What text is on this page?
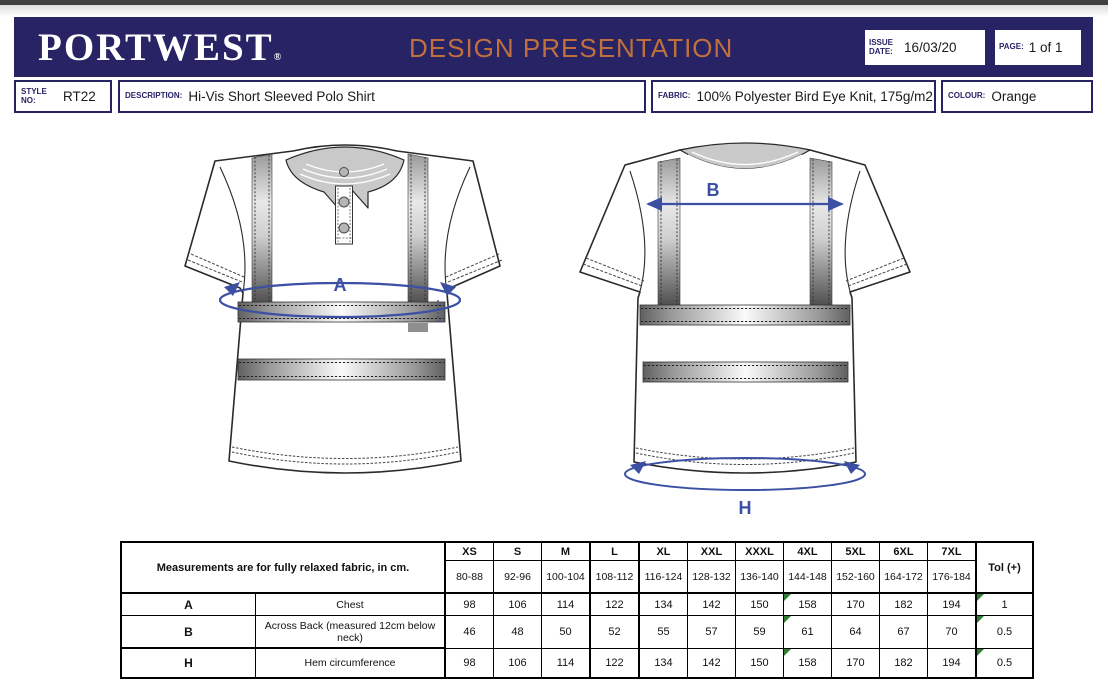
PORTWEST®	DESIGN PRESENTATION	ISSUE DATE: 16/03/20	PAGE: 1 of 1
STYLE NO:	RT22	DESCRIPTION: Hi-Vis Short Sleeved Polo Shirt	FABRIC: 100% Polyester Bird Eye Knit, 175g/m2 COLOUR: Orange
A
B
H
Measurements are for fully relaxed fabric, in cm.		XS	S	M	L	XL	XXL	XXXL	4XL	5XL	6XL	7XL	Tol (+)
		80-88	92-96	100-104	108-112	116-124	128-132	136-140	144-148	152-160	164-172	176-184	
A	Chest	98	106	114	122	134	142	150	158	170	182	194	1
B	Across Back (measured 12cm below neck)	46	48	50	52	55	57	59	61	64	67	70	0.5
H	Hem circumference	98	106	114	122	134	142	150	158	170	182	194	0.5
